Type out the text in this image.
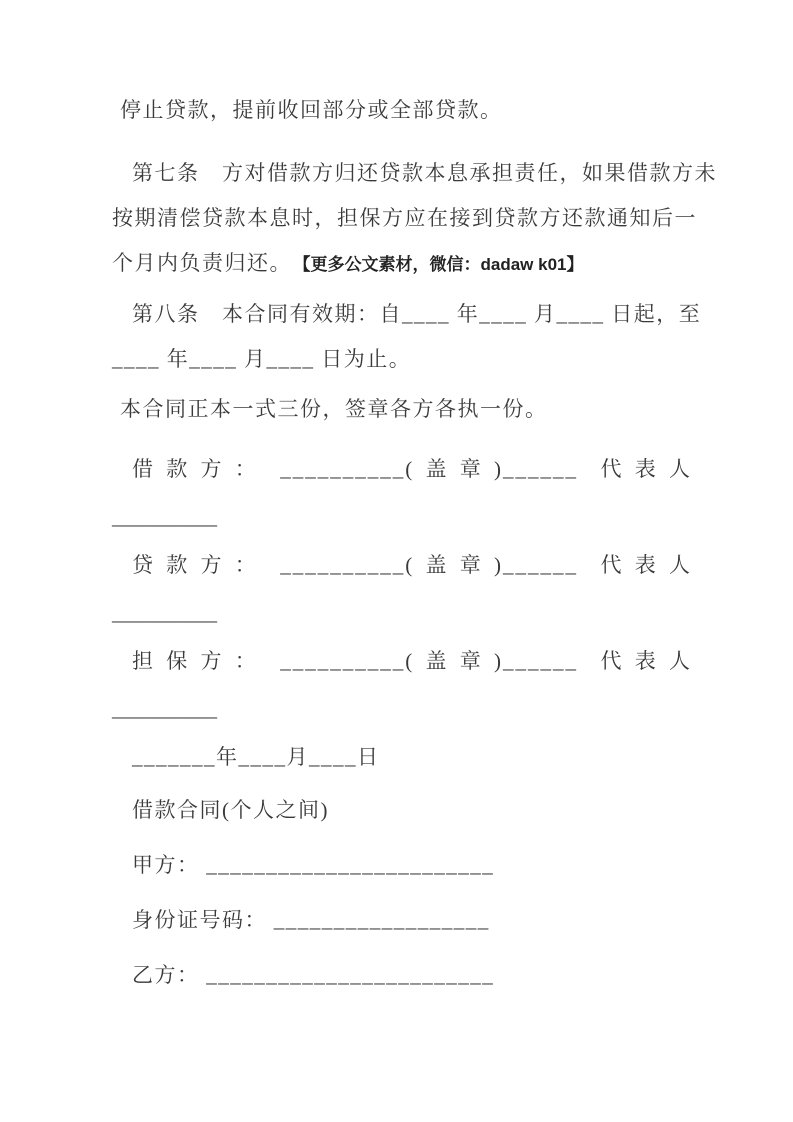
停止贷款，提前收回部分或全部贷款。
第七条　方对借款方归还贷款本息承担责任，如果借款方未
按期清偿贷款本息时，担保方应在接到贷款方还款通知后一
个月内负责归还。 【更多公文素材，微信：dadaw k01】
第八条　本合同有效期：自____ 年____ 月____ 日起，至
____ 年____ 月____ 日为止。
本合同正本一式三份，签章各方各执一份。
借 款 方 ：  __________( 盖 章 )______  代 表 人
__________
贷 款 方 ：  __________( 盖 章 )______  代 表 人
__________
担 保 方 ：  __________( 盖 章 )______  代 表 人
__________
_______年____月____日
借款合同(个人之间)
甲方： ________________________
身份证号码： __________________
乙方： ________________________
